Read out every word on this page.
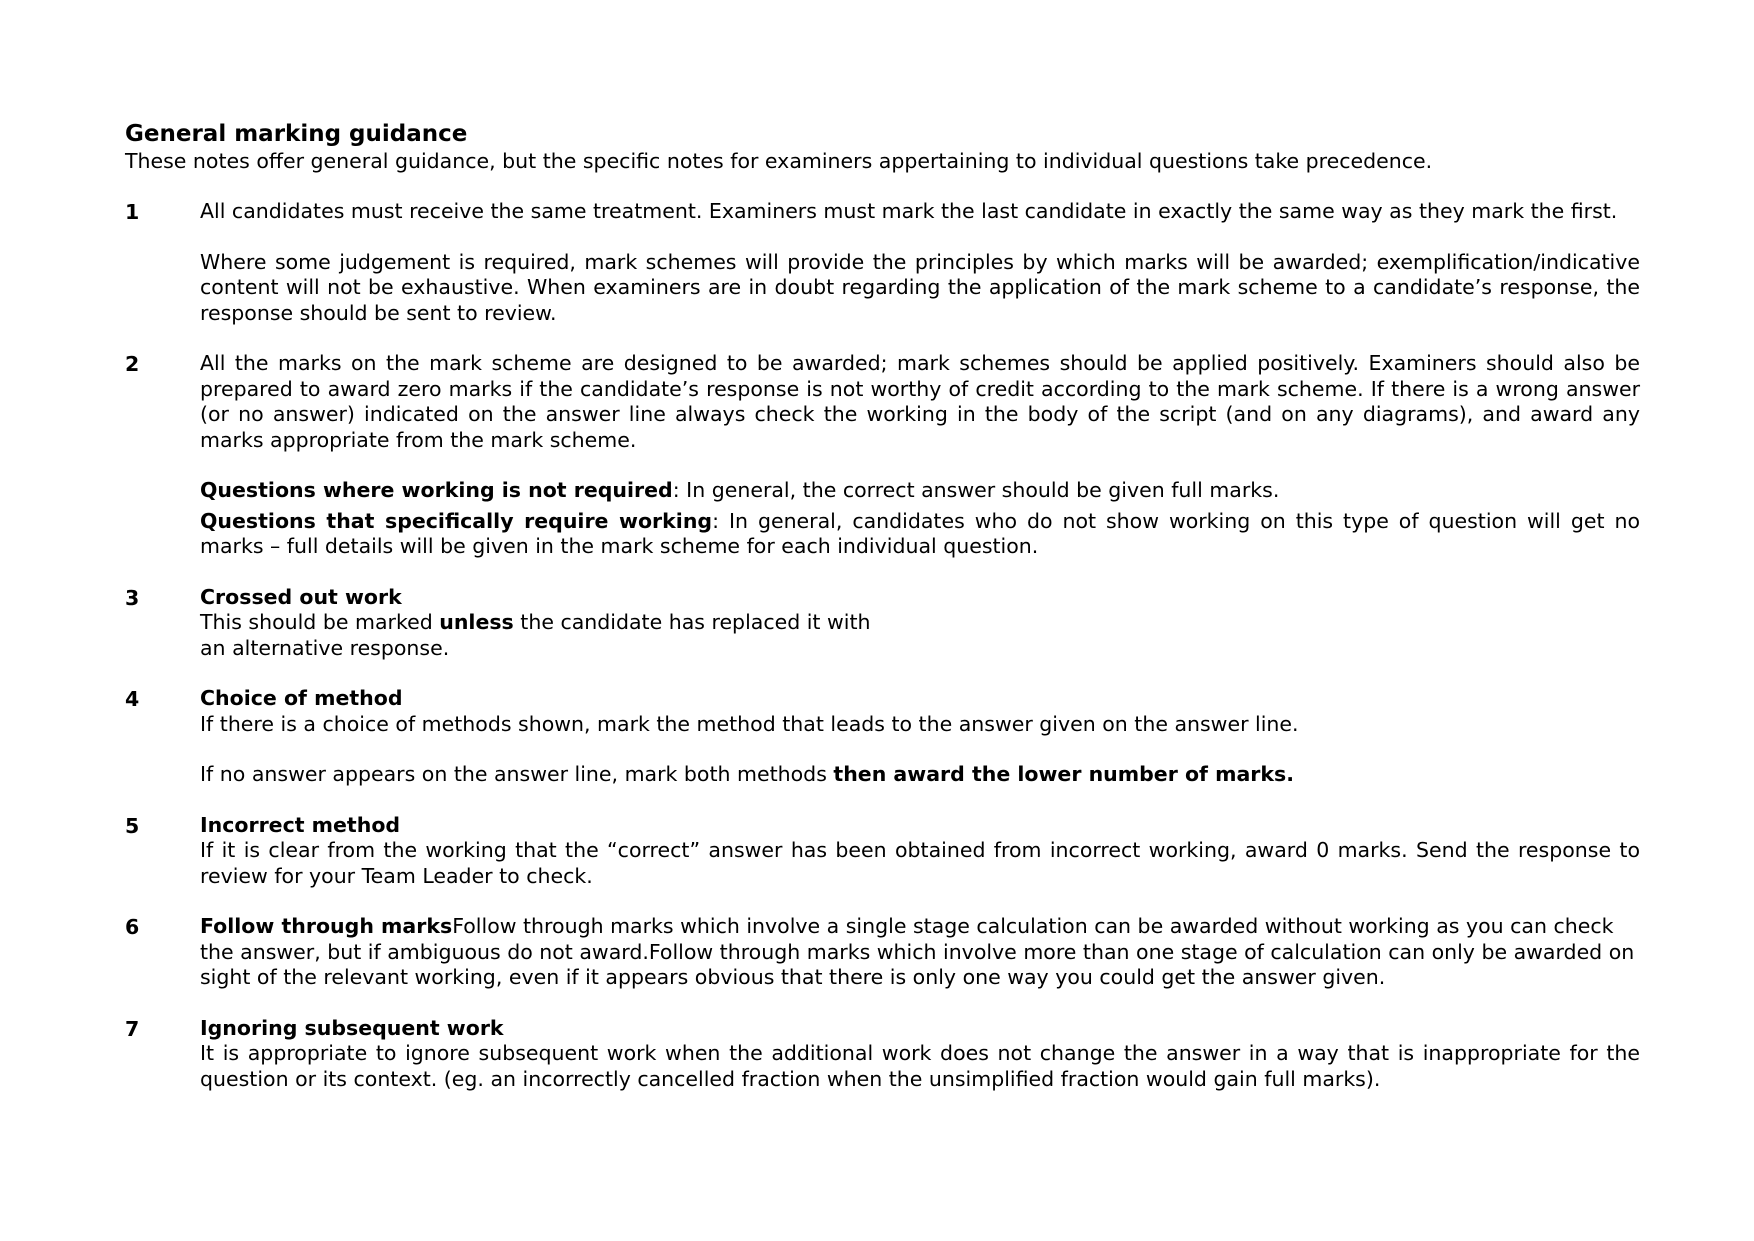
General marking guidance

These notes offer general guidance, but the specific notes for examiners appertaining to individual questions take precedence.

1	All candidates must receive the same treatment. Examiners must mark the last candidate in exactly the same way as they mark the first.

Where some judgement is required, mark schemes will provide the principles by which marks will be awarded; exemplification/indicative content will not be exhaustive. When examiners are in doubt regarding the application of the mark scheme to a candidate’s response, the response should be sent to review.

2	All the marks on the mark scheme are designed to be awarded; mark schemes should be applied positively. Examiners should also be prepared to award zero marks if the candidate’s response is not worthy of credit according to the mark scheme. If there is a wrong answer (or no answer) indicated on the answer line always check the working in the body of the script (and on any diagrams), and award any marks appropriate from the mark scheme.

Questions where working is not required: In general, the correct answer should be given full marks.

Questions that specifically require working: In general, candidates who do not show working on this type of question will get no marks – full details will be given in the mark scheme for each individual question.

3	Crossed out work

This should be marked unless the candidate has replaced it with

an alternative response.

4	Choice of method

If there is a choice of methods shown, mark the method that leads to the answer given on the answer line.

If no answer appears on the answer line, mark both methods then award the lower number of marks.

5	Incorrect method

If it is clear from the working that the “correct” answer has been obtained from incorrect working, award 0 marks. Send the response to review for your Team Leader to check.

6	Follow through marksFollow through marks which involve a single stage calculation can be awarded without working as you can check the answer, but if ambiguous do not award.Follow through marks which involve more than one stage of calculation can only be awarded on sight of the relevant working, even if it appears obvious that there is only one way you could get the answer given.

7	Ignoring subsequent work

It is appropriate to ignore subsequent work when the additional work does not change the answer in a way that is inappropriate for the question or its context. (eg. an incorrectly cancelled fraction when the unsimplified fraction would gain full marks).
